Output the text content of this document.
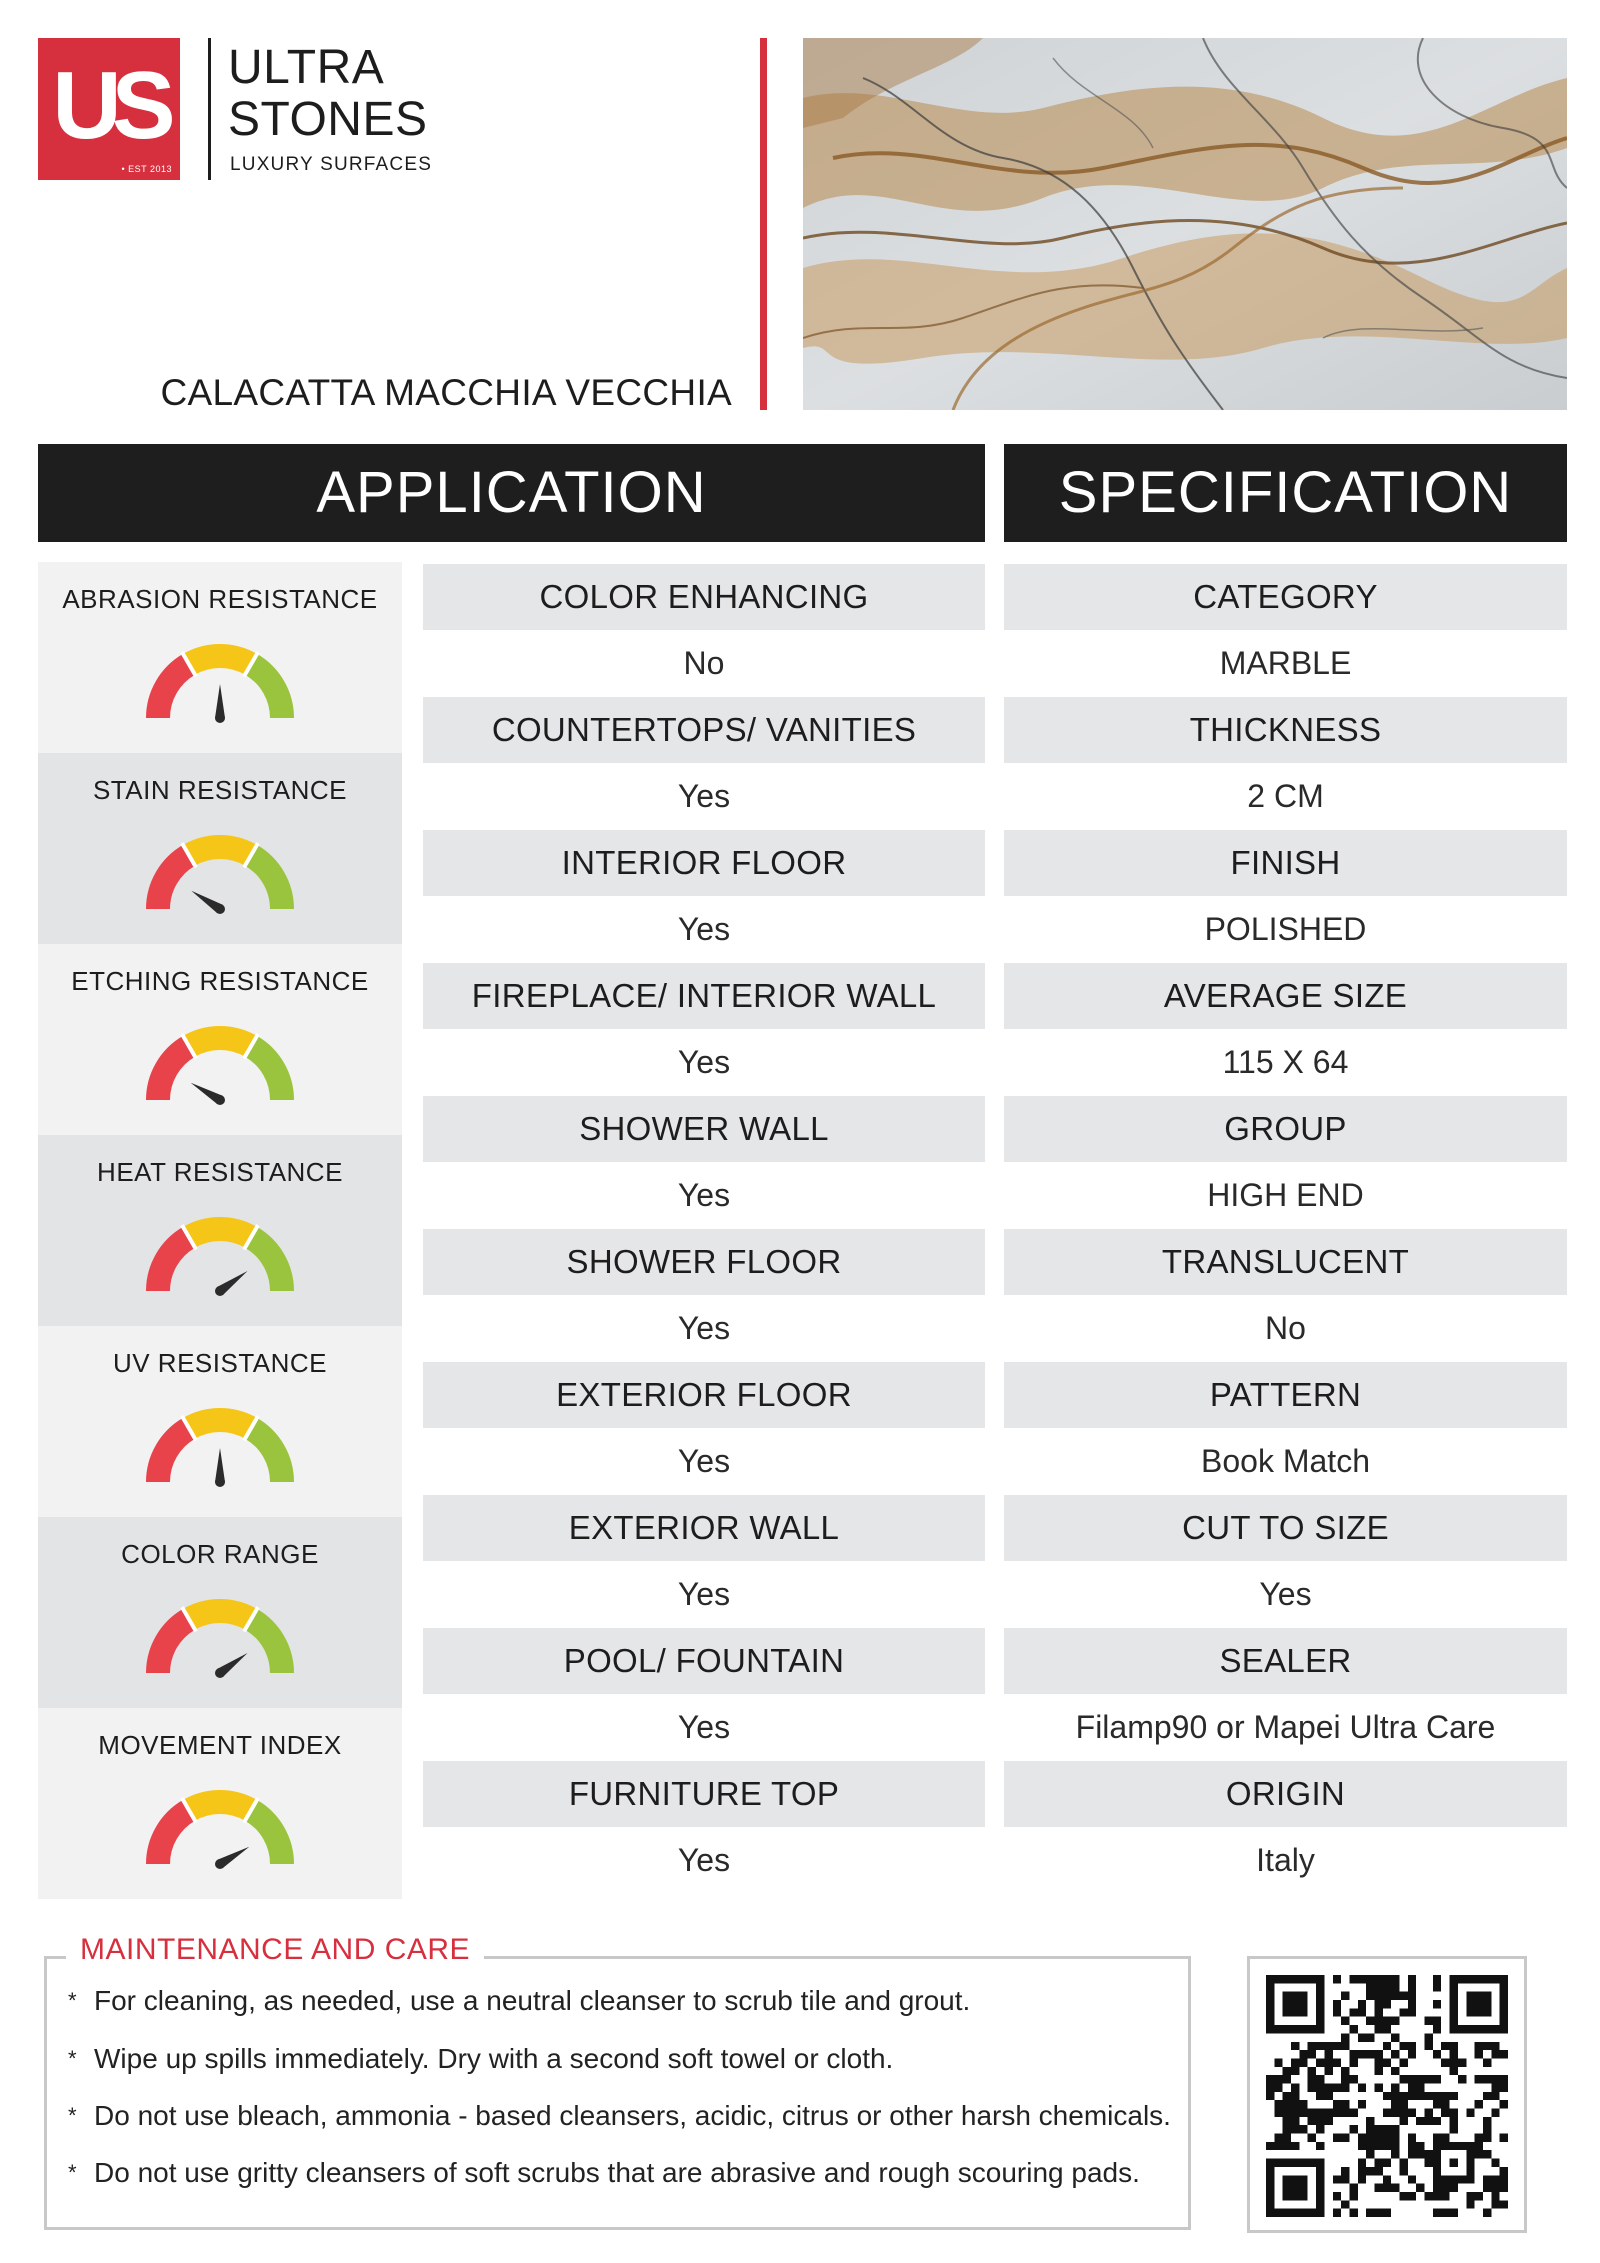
US
• EST 2013
ULTRA
STONES
LUXURY SURFACES
CALACATTA MACCHIA VECCHIA
APPLICATION	SPECIFICATION
ABRASION RESISTANCE
STAIN RESISTANCE
ETCHING RESISTANCE
HEAT RESISTANCE
UV RESISTANCE
COLOR RANGE
MOVEMENT INDEX
COLOR ENHANCING
No
COUNTERTOPS/ VANITIES
Yes
INTERIOR FLOOR
Yes
FIREPLACE/ INTERIOR WALL
Yes
SHOWER WALL
Yes
SHOWER FLOOR
Yes
EXTERIOR FLOOR
Yes
EXTERIOR WALL
Yes
POOL/ FOUNTAIN
Yes
FURNITURE TOP
Yes
CATEGORY
MARBLE
THICKNESS
2 CM
FINISH
POLISHED
AVERAGE SIZE
115 X 64
GROUP
HIGH END
TRANSLUCENT
No
PATTERN
Book Match
CUT TO SIZE
Yes
SEALER
Filamp90 or Mapei Ultra Care
ORIGIN
Italy
MAINTENANCE AND CARE
* For cleaning, as needed, use a neutral cleanser to scrub tile and grout.
* Wipe up spills immediately. Dry with a second soft towel or cloth.
* Do not use bleach, ammonia - based cleansers, acidic, citrus or other harsh chemicals.
* Do not use gritty cleansers of soft scrubs that are abrasive and rough scouring pads.
